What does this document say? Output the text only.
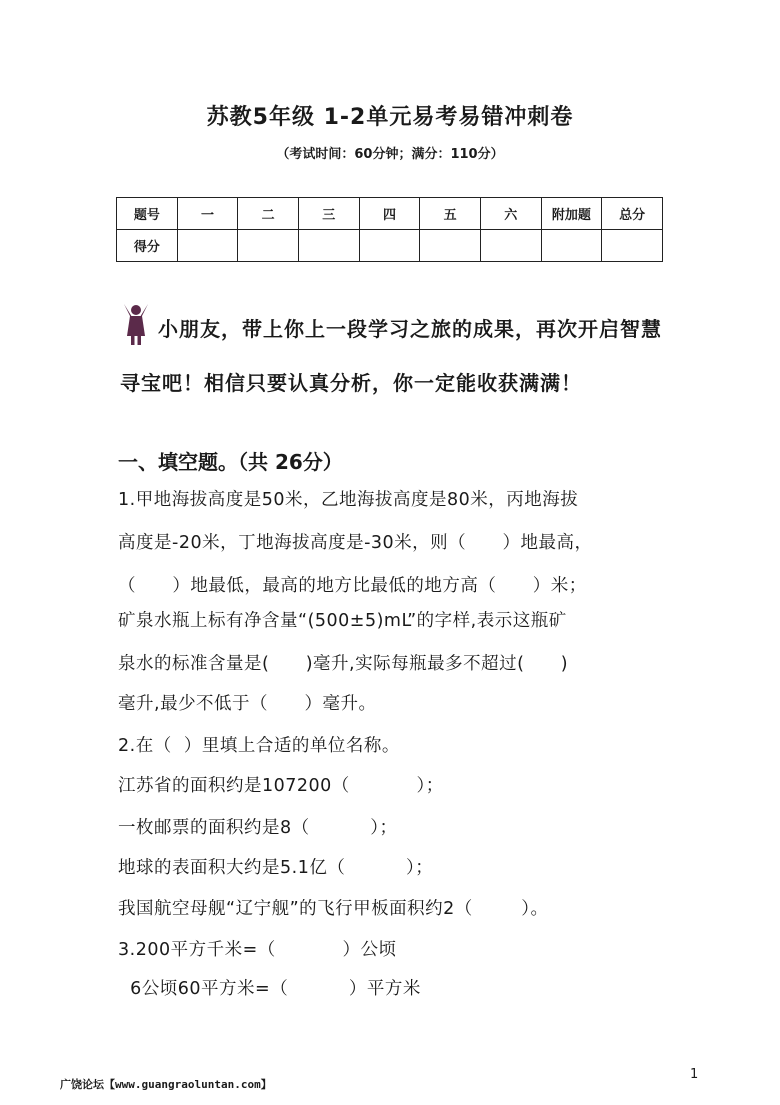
苏教5年级 1-2单元易考易错冲刺卷
（考试时间：60分钟；满分：110分）
题号	一	二	三	四	五	六	附加题	总分
得分								
小朋友，带上你上一段学习之旅的成果，再次开启智慧
寻宝吧！相信只要认真分析，你一定能收获满满！
一、填空题。（共 26分）
1.甲地海拔高度是50米，乙地海拔高度是80米，丙地海拔
高度是-20米，丁地海拔高度是-30米，则（      ）地最高，
（      ）地最低，最高的地方比最低的地方高（      ）米；
矿泉水瓶上标有净含量“(500±5)mL”的字样,表示这瓶矿
泉水的标准含量是(      )毫升,实际每瓶最多不超过(      )
毫升,最少不低于（      ）毫升。
2.在（  ）里填上合适的单位名称。
江苏省的面积约是107200（           ）；
一枚邮票的面积约是8（          ）；
地球的表面积大约是5.1亿（          ）；
我国航空母舰“辽宁舰”的飞行甲板面积约2（        ）。
3.200平方千米=（           ）公顷
6公顷60平方米=（          ）平方米
广饶论坛【www.guangraoluntan.com】
1
